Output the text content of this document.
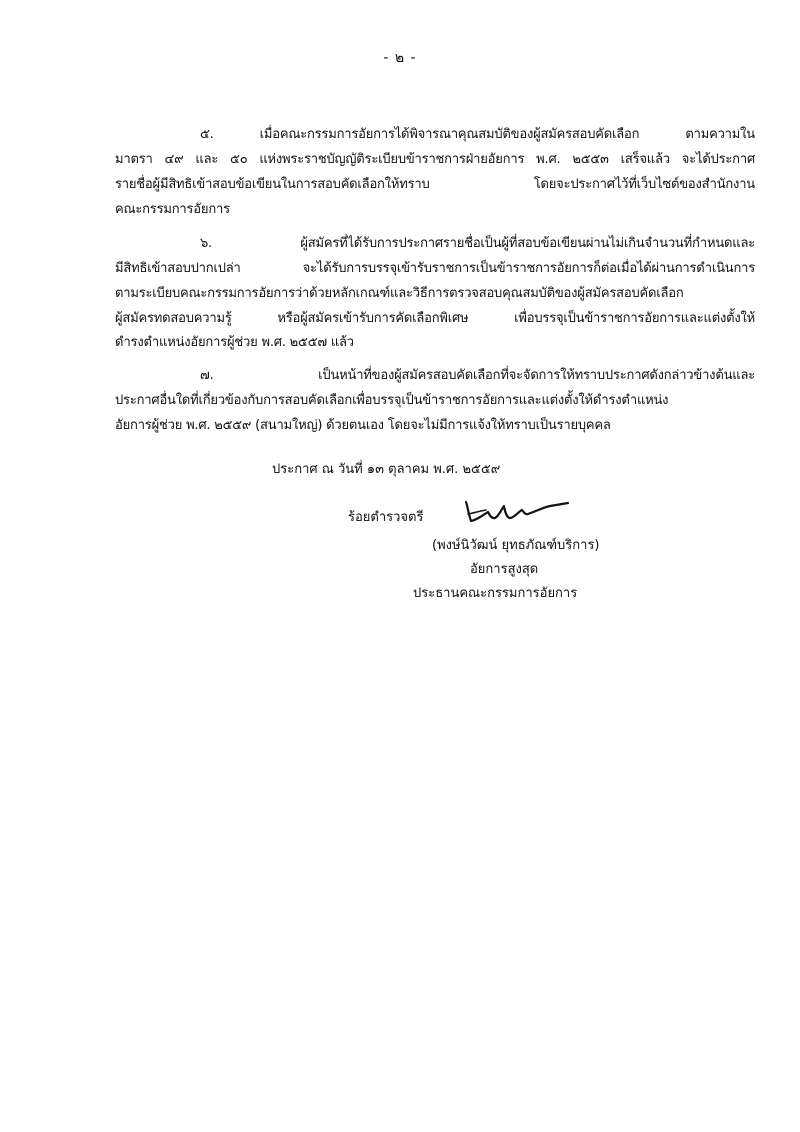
- ๒ -
๕. เมื่อคณะกรรมการอัยการได้พิจารณาคุณสมบัติของผู้สมัครสอบคัดเลือก ตามความใน
มาตรา ๔๙ และ ๕๐ แห่งพระราชบัญญัติระเบียบข้าราชการฝ่ายอัยการ พ.ศ. ๒๕๕๓ เสร็จแล้ว จะได้ประกาศ
รายชื่อผู้มีสิทธิเข้าสอบข้อเขียนในการสอบคัดเลือกให้ทราบ โดยจะประกาศไว้ที่เว็บไซต์ของสำนักงาน
คณะกรรมการอัยการ
๖. ผู้สมัครที่ได้รับการประกาศรายชื่อเป็นผู้ที่สอบข้อเขียนผ่านไม่เกินจำนวนที่กำหนดและ
มีสิทธิเข้าสอบปากเปล่า จะได้รับการบรรจุเข้ารับราชการเป็นข้าราชการอัยการก็ต่อเมื่อได้ผ่านการดำเนินการ
ตามระเบียบคณะกรรมการอัยการว่าด้วยหลักเกณฑ์และวิธีการตรวจสอบคุณสมบัติของผู้สมัครสอบคัดเลือก
ผู้สมัครทดสอบความรู้ หรือผู้สมัครเข้ารับการคัดเลือกพิเศษ เพื่อบรรจุเป็นข้าราชการอัยการและแต่งตั้งให้
ดำรงตำแหน่งอัยการผู้ช่วย พ.ศ. ๒๕๕๗ แล้ว
๗. เป็นหน้าที่ของผู้สมัครสอบคัดเลือกที่จะจัดการให้ทราบประกาศดังกล่าวข้างต้นและ
ประกาศอื่นใดที่เกี่ยวข้องกับการสอบคัดเลือกเพื่อบรรจุเป็นข้าราชการอัยการและแต่งตั้งให้ดำรงตำแหน่ง
อัยการผู้ช่วย พ.ศ. ๒๕๕๙ (สนามใหญ่) ด้วยตนเอง โดยจะไม่มีการแจ้งให้ทราบเป็นรายบุคคล
ประกาศ ณ วันที่ ๑๓ ตุลาคม พ.ศ. ๒๕๕๙
ร้อยตำรวจตรี
(พงษ์นิวัฒน์ ยุทธภัณฑ์บริการ)
อัยการสูงสุด
ประธานคณะกรรมการอัยการ
